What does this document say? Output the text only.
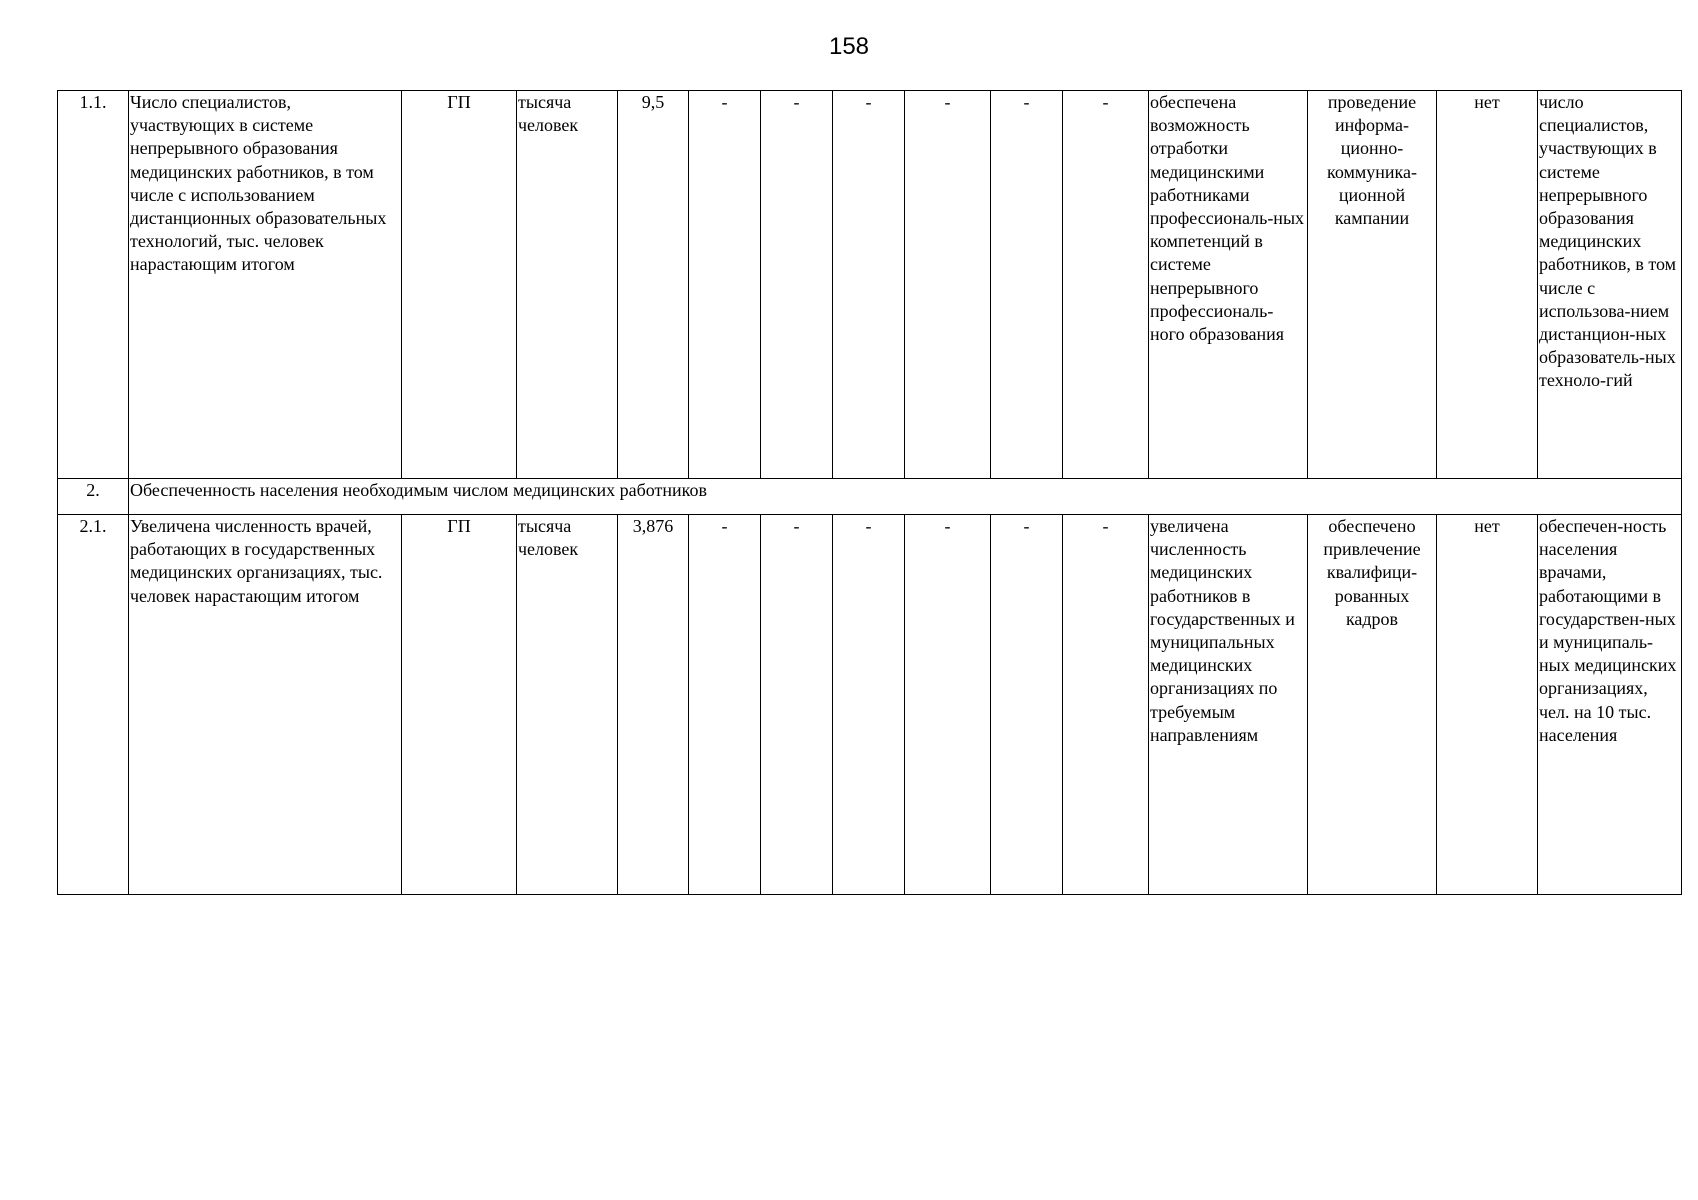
158
1.1.	Число специалистов, участвующих в системе непрерывного образования медицинских работников, в том числе с использованием дистанционных образовательных технологий, тыс. человек нарастающим итогом	ГП	тысяча человек	9,5	-	-	-	-	-	-	обеспечена возможность отработки медицинскими работниками профессиональ-ных компетенций в системе непрерывного профессиональ-ного образования	проведение информа-ционно-коммуника-ционной кампании	нет	число специалистов, участвующих в системе непрерывного образования медицинских работников, в том числе с использова-нием дистанцион-ных образователь-ных техноло-гий
2.	Обеспеченность населения необходимым числом медицинских работников													
2.1.	Увеличена численность врачей, работающих в государственных медицинских организациях, тыс. человек нарастающим итогом	ГП	тысяча человек	3,876	-	-	-	-	-	-	увеличена численность медицинских работников в государственных и муниципальных медицинских организациях по требуемым направлениям	обеспечено привлечение квалифици-рованных кадров	нет	обеспечен-ность населения врачами, работающими в государствен-ных и муниципаль-ных медицинских организациях, чел. на 10 тыс. населения
